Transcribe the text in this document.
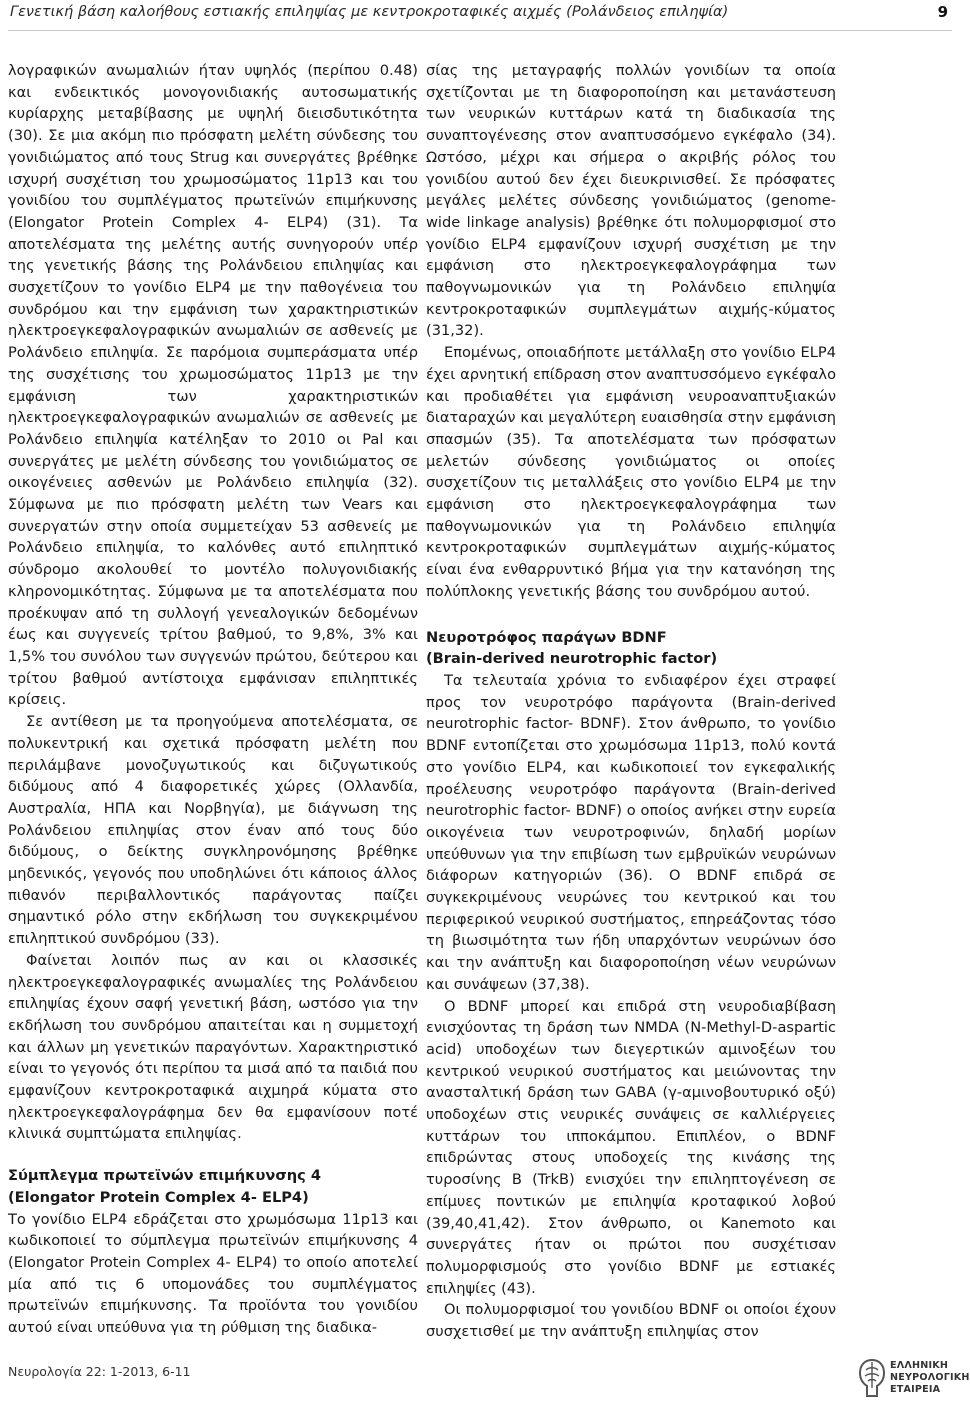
Γενετική βάση καλοήθους εστιακής επιληψίας με κεντροκροταφικές αιχμές (Ρολάνδειος επιληψία)	9

λογραφικών ανωμαλιών ήταν υψηλός (περίπου 0.48) και ενδεικτικός μονογονιδιακής αυτοσωματικής κυρίαρχης μεταβίβασης με υψηλή διεισδυτικότητα (30). Σε μια ακόμη πιο πρόσφατη μελέτη σύνδεσης του γονιδιώματος από τους Strug και συνεργάτες βρέθηκε ισχυρή συσχέτιση του χρωμοσώματος 11p13 και του γονιδίου του συμπλέγματος πρωτεϊνών επιμήκυνσης (Elongator Protein Complex 4- ELP4) (31). Τα αποτελέσματα της μελέτης αυτής συνηγορούν υπέρ της γενετικής βάσης της Ρολάνδειου επιληψίας και συσχετίζουν το γονίδιο ELP4 με την παθογένεια του συνδρόμου και την εμφάνιση των χαρακτηριστικών ηλεκτροεγκεφαλογραφικών ανωμαλιών σε ασθενείς με Ρολάνδειο επιληψία. Σε παρόμοια συμπεράσματα υπέρ της συσχέτισης του χρωμοσώματος 11p13 με την εμφάνιση των χαρακτηριστικών ηλεκτροεγκεφαλογραφικών ανωμαλιών σε ασθενείς με Ρολάνδειο επιληψία κατέληξαν το 2010 οι Pal και συνεργάτες με μελέτη σύνδεσης του γονιδιώματος σε οικογένειες ασθενών με Ρολάνδειο επιληψία (32). Σύμφωνα με πιο πρόσφατη μελέτη των Vears και συνεργατών στην οποία συμμετείχαν 53 ασθενείς με Ρολάνδειο επιληψία, το καλόνθες αυτό επιληπτικό σύνδρομο ακολουθεί το μοντέλο πολυγονιδιακής κληρονομικότητας. Σύμφωνα με τα αποτελέσματα που προέκυψαν από τη συλλογή γενεαλογικών δεδομένων έως και συγγενείς τρίτου βαθμού, το 9,8%, 3% και 1,5% του συνόλου των συγγενών πρώτου, δεύτερου και τρίτου βαθμού αντίστοιχα εμφάνισαν επιληπτικές κρίσεις.

Σε αντίθεση με τα προηγούμενα αποτελέσματα, σε πολυκεντρική και σχετικά πρόσφατη μελέτη που περιλάμβανε μονοζυγωτικούς και διζυγωτικούς διδύμους από 4 διαφορετικές χώρες (Ολλανδία, Αυστραλία, ΗΠΑ και Νορβηγία), με διάγνωση της Ρολάνδειου επιληψίας στον έναν από τους δύο διδύμους, ο δείκτης συγκληρονόμησης βρέθηκε μηδενικός, γεγονός που υποδηλώνει ότι κάποιος άλλος πιθανόν περιβαλλοντικός παράγοντας παίζει σημαντικό ρόλο στην εκδήλωση του συγκεκριμένου επιληπτικού συνδρόμου (33).

Φαίνεται λοιπόν πως αν και οι κλασσικές ηλεκτροεγκεφαλογραφικές ανωμαλίες της Ρολάνδειου επιληψίας έχουν σαφή γενετική βάση, ωστόσο για την εκδήλωση του συνδρόμου απαιτείται και η συμμετοχή και άλλων μη γενετικών παραγόντων. Χαρακτηριστικό είναι το γεγονός ότι περίπου τα μισά από τα παιδιά που εμφανίζουν κεντροκροταφικά αιχμηρά κύματα στο ηλεκτροεγκεφαλογράφημα δεν θα εμφανίσουν ποτέ κλινικά συμπτώματα επιληψίας.

Σύμπλεγμα πρωτεϊνών επιμήκυνσης 4
(Elongator Protein Complex 4- ELP4)

Το γονίδιο ELP4 εδράζεται στο χρωμόσωμα 11p13 και κωδικοποιεί το σύμπλεγμα πρωτεϊνών επιμήκυνσης 4 (Elongator Protein Complex 4- ELP4) το οποίο αποτελεί μία από τις 6 υπομονάδες του συμπλέγματος πρωτεϊνών επιμήκυνσης. Τα προϊόντα του γονιδίου αυτού είναι υπεύθυνα για τη ρύθμιση της διαδικα-

σίας της μεταγραφής πολλών γονιδίων τα οποία σχετίζονται με τη διαφοροποίηση και μετανάστευση των νευρικών κυττάρων κατά τη διαδικασία της συναπτογένεσης στον αναπτυσσόμενο εγκέφαλο (34). Ωστόσο, μέχρι και σήμερα ο ακριβής ρόλος του γονιδίου αυτού δεν έχει διευκρινισθεί. Σε πρόσφατες μεγάλες μελέτες σύνδεσης γονιδιώματος (genome-wide linkage analysis) βρέθηκε ότι πολυμορφισμοί στο γονίδιο ELP4 εμφανίζουν ισχυρή συσχέτιση με την εμφάνιση στο ηλεκτροεγκεφαλογράφημα των παθογνωμονικών για τη Ρολάνδειο επιληψία κεντροκροταφικών συμπλεγμάτων αιχμής-κύματος (31,32).

Επομένως, οποιαδήποτε μετάλλαξη στο γονίδιο ELP4 έχει αρνητική επίδραση στον αναπτυσσόμενο εγκέφαλο και προδιαθέτει για εμφάνιση νευροαναπτυξιακών διαταραχών και μεγαλύτερη ευαισθησία στην εμφάνιση σπασμών (35). Τα αποτελέσματα των πρόσφατων μελετών σύνδεσης γονιδιώματος οι οποίες συσχετίζουν τις μεταλλάξεις στο γονίδιο ELP4 με την εμφάνιση στο ηλεκτροεγκεφαλογράφημα των παθογνωμονικών για τη Ρολάνδειο επιληψία κεντροκροταφικών συμπλεγμάτων αιχμής-κύματος είναι ένα ενθαρρυντικό βήμα για την κατανόηση της πολύπλοκης γενετικής βάσης του συνδρόμου αυτού.

Νευροτρόφος παράγων BDNF
(Brain-derived neurotrophic factor)

Τα τελευταία χρόνια το ενδιαφέρον έχει στραφεί προς τον νευροτρόφο παράγοντα (Brain-derived neurotrophic factor- BDNF). Στον άνθρωπο, το γονίδιο BDNF εντοπίζεται στο χρωμόσωμα 11p13, πολύ κοντά στο γονίδιο ELP4, και κωδικοποιεί τον εγκεφαλικής προέλευσης νευροτρόφο παράγοντα (Brain-derived neurotrophic factor- BDNF) ο οποίος ανήκει στην ευρεία οικογένεια των νευροτροφινών, δηλαδή μορίων υπεύθυνων για την επιβίωση των εμβρυϊκών νευρώνων διάφορων κατηγοριών (36). Ο BDNF επιδρά σε συγκεκριμένους νευρώνες του κεντρικού και του περιφερικού νευρικού συστήματος, επηρεάζοντας τόσο τη βιωσιμότητα των ήδη υπαρχόντων νευρώνων όσο και την ανάπτυξη και διαφοροποίηση νέων νευρώνων και συνάψεων (37,38).

Ο BDNF μπορεί και επιδρά στη νευροδιαβίβαση ενισχύοντας τη δράση των NMDA (N-Methyl-D-aspartic acid) υποδοχέων των διεγερτικών αμινοξέων του κεντρικού νευρικού συστήματος και μειώνοντας την ανασταλτική δράση των GABA (γ-αμινοβουτυρικό οξύ) υποδοχέων στις νευρικές συνάψεις σε καλλιέργειες κυττάρων του ιπποκάμπου. Επιπλέον, ο BDNF επιδρώντας στους υποδοχείς της κινάσης της τυροσίνης B (TrkB) ενισχύει την επιληπτογένεση σε επίμυες ποντικών με επιληψία κροταφικού λοβού (39,40,41,42). Στον άνθρωπο, οι Kanemoto και συνεργάτες ήταν οι πρώτοι που συσχέτισαν πολυμορφισμούς στο γονίδιο BDNF με εστιακές επιληψίες (43).

Οι πολυμορφισμοί του γονιδίου BDNF οι οποίοι έχουν συσχετισθεί με την ανάπτυξη επιληψίας στον

Νευρολογία 22: 1-2013, 6-11	ΕΛΛΗΝΙΚΗ
ΝΕΥΡΟΛΟΓΙΚΗ
ΕΤΑΙΡΕΙΑ
